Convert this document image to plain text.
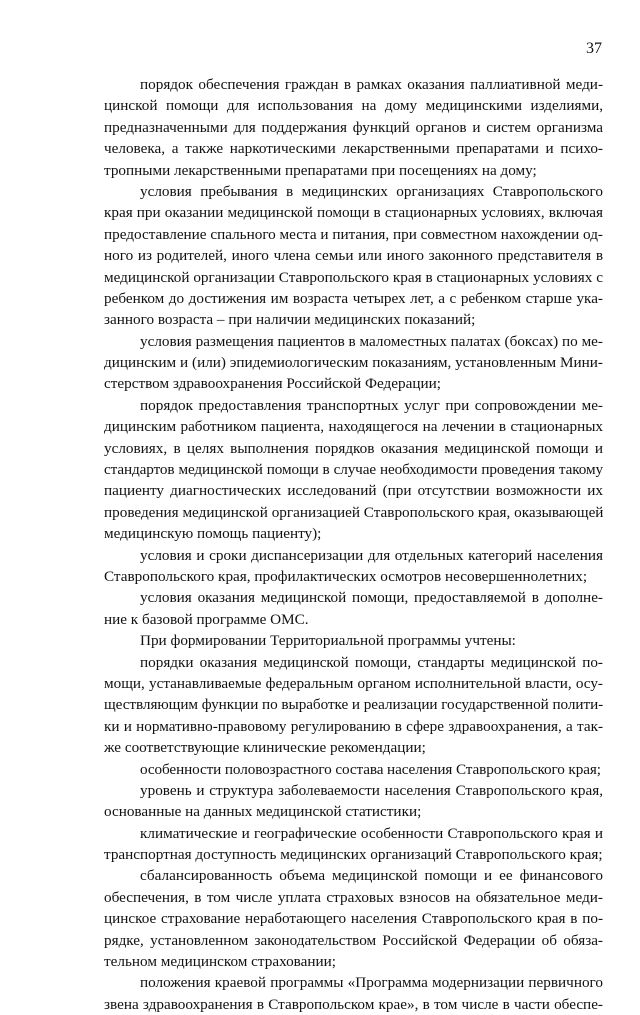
37
порядок обеспечения граждан в рамках оказания паллиативной меди-
цинской помощи для использования на дому медицинскими изделиями,
предназначенными для поддержания функций органов и систем организма
человека, а также наркотическими лекарственными препаратами и психо-
тропными лекарственными препаратами при посещениях на дому;
условия пребывания в медицинских организациях Ставропольского
края при оказании медицинской помощи в стационарных условиях, включая
предоставление спального места и питания, при совместном нахождении од-
ного из родителей, иного члена семьи или иного законного представителя в
медицинской организации Ставропольского края в стационарных условиях с
ребенком до достижения им возраста четырех лет, а с ребенком старше ука-
занного возраста – при наличии медицинских показаний;
условия размещения пациентов в маломестных палатах (боксах) по ме-
дицинским и (или) эпидемиологическим показаниям, установленным Мини-
стерством здравоохранения Российской Федерации;
порядок предоставления транспортных услуг при сопровождении ме-
дицинским работником пациента, находящегося на лечении в стационарных
условиях, в целях выполнения порядков оказания медицинской помощи и
стандартов медицинской помощи в случае необходимости проведения такому
пациенту диагностических исследований (при отсутствии возможности их
проведения медицинской организацией Ставропольского края, оказывающей
медицинскую помощь пациенту);
условия и сроки диспансеризации для отдельных категорий населения
Ставропольского края, профилактических осмотров несовершеннолетних;
условия оказания медицинской помощи, предоставляемой в дополне-
ние к базовой программе ОМС.
При формировании Территориальной программы учтены:
порядки оказания медицинской помощи, стандарты медицинской по-
мощи, устанавливаемые федеральным органом исполнительной власти, осу-
ществляющим функции по выработке и реализации государственной полити-
ки и нормативно-правовому регулированию в сфере здравоохранения, а так-
же соответствующие клинические рекомендации;
особенности половозрастного состава населения Ставропольского края;
уровень и структура заболеваемости населения Ставропольского края,
основанные на данных медицинской статистики;
климатические и географические особенности Ставропольского края и
транспортная доступность медицинских организаций Ставропольского края;
сбалансированность объема медицинской помощи и ее финансового
обеспечения, в том числе уплата страховых взносов на обязательное меди-
цинское страхование неработающего населения Ставропольского края в по-
рядке, установленном законодательством Российской Федерации об обяза-
тельном медицинском страховании;
положения краевой программы «Программа модернизации первичного
звена здравоохранения в Ставропольском крае», в том числе в части обеспе-
